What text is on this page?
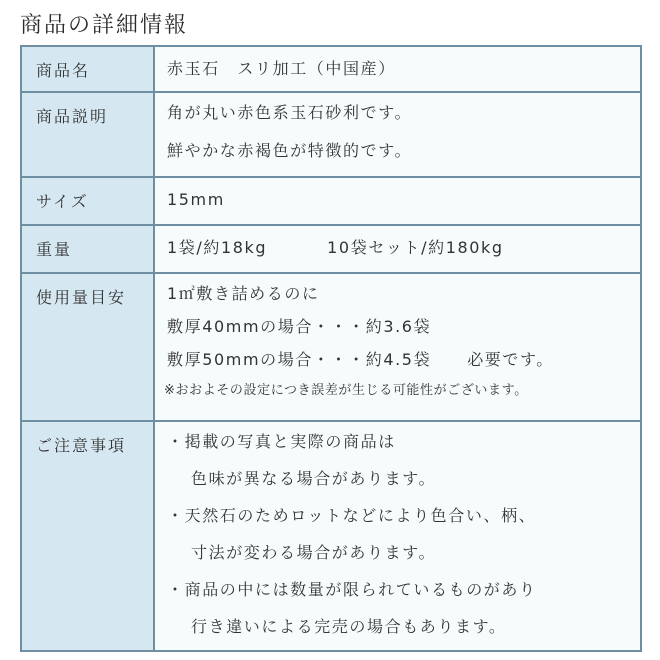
商品の詳細情報
商品名	赤玉石　スリ加工（中国産）
商品説明	角が丸い赤色系玉石砂利です。
鮮やかな赤褐色が特徴的です。
サイズ	15mm
重量	1袋/約18kg	10袋セット/約180kg
使用量目安	1㎡敷き詰めるのに
敷厚40mmの場合・・・約3.6袋
敷厚50mmの場合・・・約4.5袋 必要です。
※おおよその設定につき誤差が生じる可能性がございます。
ご注意事項	・掲載の写真と実際の商品は
色味が異なる場合があります。
・天然石のためロットなどにより色合い、柄、
寸法が変わる場合があります。
・商品の中には数量が限られているものがあり
行き違いによる完売の場合もあります。
